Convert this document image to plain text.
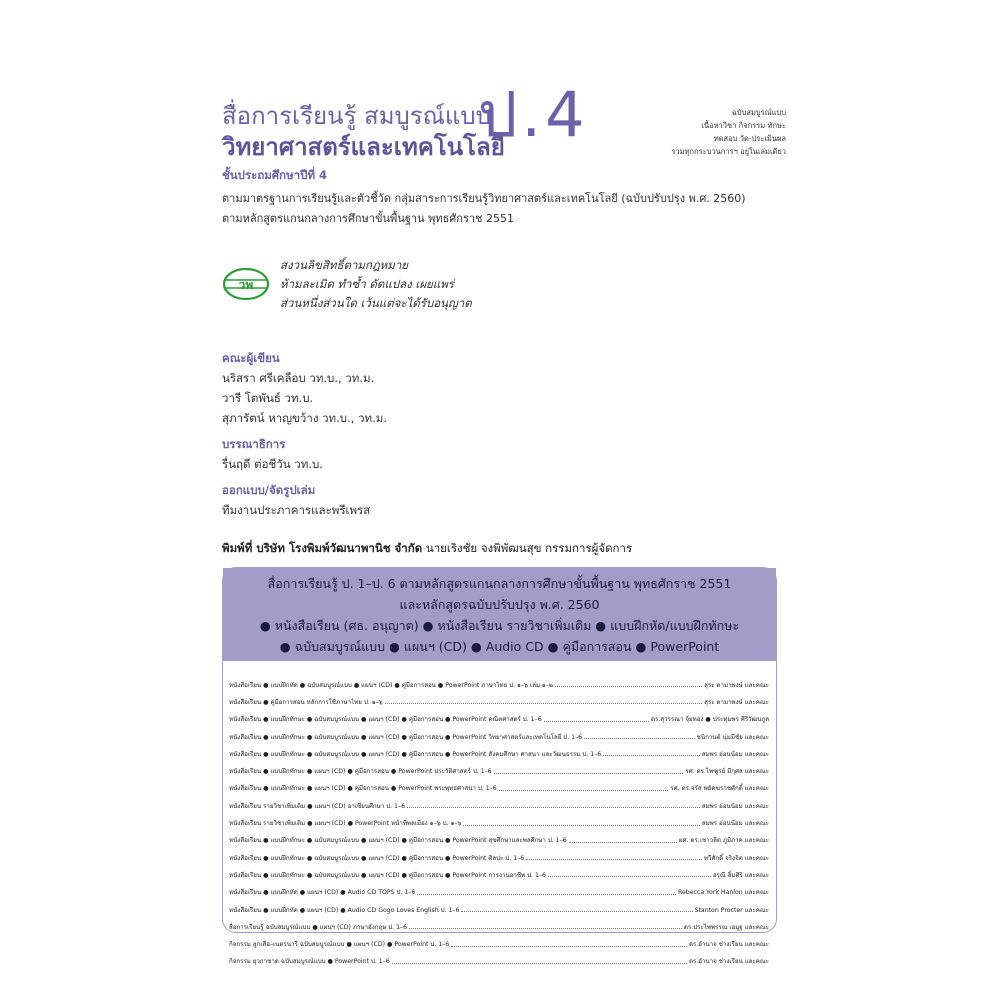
สื่อการเรียนรู้ สมบูรณ์แบบ
วิทยาศาสตร์และเทคโนโลยี
ป.4	ฉบับสมบูรณ์แบบ
เนื้อหาวิชา กิจกรรม ทักษะ
ทดสอบ วัด-ประเมินผล
รวมทุกกระบวนการฯ อยู่ในเล่มเดียว
ชั้นประถมศึกษาปีที่ 4
ตามมาตรฐานการเรียนรู้และตัวชี้วัด กลุ่มสาระการเรียนรู้วิทยาศาสตร์และเทคโนโลยี (ฉบับปรับปรุง พ.ศ. 2560)
ตามหลักสูตรแกนกลางการศึกษาขั้นพื้นฐาน พุทธศักราช 2551
วพ
สงวนลิขสิทธิ์ตามกฎหมาย
ห้ามละเมิด ทำซ้ำ ดัดแปลง เผยแพร่
ส่วนหนึ่งส่วนใด เว้นแต่จะได้รับอนุญาต
คณะผู้เขียน
นริสรา ศรีเคลือบ วท.บ., วท.ม.
วารี โตพันธ์ วท.บ.
สุภารัตน์ หาญขว้าง วท.บ., วท.ม.
บรรณาธิการ
รื่นฤดี ต่อชีวัน วท.บ.
ออกแบบ/จัดรูปเล่ม
ทีมงานประภาคารและพรีเพรส
พิมพ์ที่ บริษัท โรงพิมพ์วัฒนาพานิช จำกัด นายเริงชัย จงพิพัฒนสุข กรรมการผู้จัดการ
สื่อการเรียนรู้ ป. 1–ป. 6 ตามหลักสูตรแกนกลางการศึกษาขั้นพื้นฐาน พุทธศักราช 2551
และหลักสูตรฉบับปรับปรุง พ.ศ. 2560
● หนังสือเรียน (ศธ. อนุญาต) ● หนังสือเรียน รายวิชาเพิ่มเติม ● แบบฝึกหัด/แบบฝึกทักษะ
● ฉบับสมบูรณ์แบบ ● แผนฯ (CD) ● Audio CD ● คู่มือการสอน ● PowerPoint
หนังสือเรียน ● แบบฝึกหัด ● ฉบับสมบูรณ์แบบ ● แผนฯ (CD) ● คู่มือการสอน ● PowerPoint ภาษาไทย ป. ๑–๖ เล่ม ๑–๒	สุระ ดามาพงษ์ และคณะ
หนังสือเรียน ● คู่มือการสอน หลักการใช้ภาษาไทย ป. ๑–๖	สุระ ดามาพงษ์ และคณะ
หนังสือเรียน ● แบบฝึกทักษะ ● ฉบับสมบูรณ์แบบ ● แผนฯ (CD) ● คู่มือการสอน ● PowerPoint คณิตศาสตร์ ป. 1–6	ดร.สุวรรณา จุ้ยทอง ● ประทุมพร ศิริวัฒนกูล
หนังสือเรียน ● แบบฝึกทักษะ ● ฉบับสมบูรณ์แบบ ● แผนฯ (CD) ● คู่มือการสอน ● PowerPoint วิทยาศาสตร์และเทคโนโลยี ป. 1–6	ชนิกานต์ นุ่มมีชัย และคณะ
หนังสือเรียน ● แบบฝึกทักษะ ● ฉบับสมบูรณ์แบบ ● แผนฯ (CD) ● คู่มือการสอน ● PowerPoint สังคมศึกษา ศาสนา และวัฒนธรรม ป. 1–6	สมพร อ่อนน้อม และคณะ
หนังสือเรียน ● แบบฝึกทักษะ ● แผนฯ (CD) ● คู่มือการสอน ● PowerPoint ประวัติศาสตร์ ป. 1–6	รศ. ดร.ไพฑูรย์ มีกุศล และคณะ
หนังสือเรียน ● แบบฝึกทักษะ ● แผนฯ (CD) ● คู่มือการสอน ● PowerPoint พระพุทธศาสนา ป. 1–6	รศ. ดร.จรัส พยัคฆราชศักดิ์ และคณะ
หนังสือเรียน รายวิชาเพิ่มเติม ● แผนฯ (CD) อาเซียนศึกษา ป. 1–6	สมพร อ่อนน้อม และคณะ
หนังสือเรียน รายวิชาเพิ่มเติม ● แผนฯ (CD) ● PowerPoint หน้าที่พลเมือง ๑–๖ ป. ๑–๖	สมพร อ่อนน้อม และคณะ
หนังสือเรียน ● แบบฝึกทักษะ ● ฉบับสมบูรณ์แบบ ● แผนฯ (CD) ● คู่มือการสอน ● PowerPoint สุขศึกษาและพลศึกษา ป. 1–6	ผศ. ดร.เชาวลิต ภูมิภาค และคณะ
หนังสือเรียน ● แบบฝึกทักษะ ● ฉบับสมบูรณ์แบบ ● แผนฯ (CD) ● คู่มือการสอน ● PowerPoint ศิลปะ ป. 1–6	ทวีศักดิ์ จริงจิต และคณะ
หนังสือเรียน ● แบบฝึกทักษะ ● ฉบับสมบูรณ์แบบ ● แผนฯ (CD) ● คู่มือการสอน ● PowerPoint การงานอาชีพ ป. 1–6	อรุณี ลิ้มศิริ และคณะ
หนังสือเรียน ● แบบฝึกหัด ● แผนฯ (CD) ● Audio CD TOPS ป. 1–6	Rebecca York Hanlon และคณะ
หนังสือเรียน ● แบบฝึกหัด ● แผนฯ (CD) ● Audio CD Gogo Loves English ป. 1–6	Stanton Procter และคณะ
สื่อการเรียนรู้ ฉบับสมบูรณ์แบบ ● แผนฯ (CD) ภาษาอังกฤษ ป. 1–6	ดร.ประไพพรรณ เอมูฐ และคณะ
กิจกรรม ลูกเสือ–เนตรนารี ฉบับสมบูรณ์แบบ ● แผนฯ (CD) ● PowerPoint ป. 1–6	ดร.อำนาจ ช่างเรียน และคณะ
กิจกรรม ยุวกาชาด ฉบับสมบูรณ์แบบ ● PowerPoint ป. 1–6	ดร.อำนาจ ช่างเรียน และคณะ
